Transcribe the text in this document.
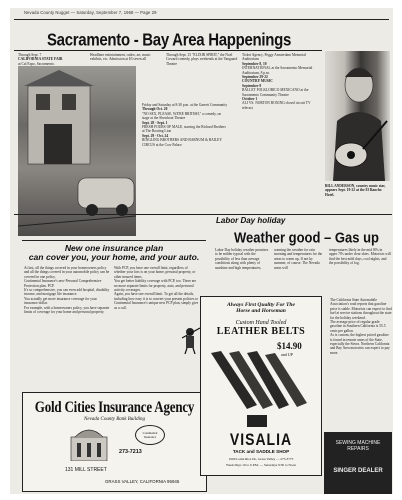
Nevada County Nugget — Saturday, September 7, 1968 — Page 29
Sacramento - Bay Area Happenings
Through Sept. 7
CALIFORNIA STATE FAIR
at Cal Expo, Sacramento.
Headliner entertainment, rodeo, art, music exhibits, etc. Admission at $3 seven all
Through Sept. 15 "ELIXIR SPIRIT," the Noel Coward comedy, plays weekends at the Vanguard Theatre
Friday and Saturday at 8:30 p.m. at the Garrett Community
Through Oct. 20
"NO SEX, PLEASE, WE'RE BRITISH," a comedy, on stage at the Showboat Theatre
Sept. 28 - Sept. 1
FRESH FOURS OF MALE, starring the Richard Brothers at The Roaring Lion
Sept. 29 - Oct. 24
RINGLING BROTHERS AND BARNUM & BAILEY CIRCUS at the Cow Palace
Ticket Agency, Peggy Amsterdam Memorial Auditorium
September 8, 10
INTERNATIONAL at the Sacramento Memorial Auditorium, 8 p.m.
September 29-22
COUNTRY MUSIC
September 9
BALLET FOLKLORICO MEXICANO at the Sacramento Community Theatre
October 1
ALI VS. NORTON BOXING closed circuit TV telecast
BILL ANDERSON, country music star, appears Sept. 19-22 at the El Rancho Hotel.
Labor Day holiday
Weather good – Gas up
Labor Day holiday weather promises to be milder typical with the possibility of less than average conditions along with plenty of sunshine and high temperatures,
warning the weather for rain morning and temperatures for the areas to warm up, If not by summer, of course. The Nevada areas will
temperatures likely in the mid 80's in upper 70's under clear skies. Motorists will find the best mild days, cool nights, and the possibility of fog.
The California State Automobile Association's road reports that gasoline price is stable. Motorists can expect to find fuel at service stations throughout the state for the holiday weekend.
The average price of regular grade gasoline in Southern California is 55.5 cents per gallon.
As is custom, the highest priced gasoline is found in remote areas of the State, especially the Sierra. Northern California and Bay Area motorists can expect to pay more.
New one insurance plan
can cover you, your home, and your auto.
At last, all the things covered in your homeowners policy and all the things covered in your automobile policy can be covered in one policy.
Continental Insurance's new Personal Comprehensive Protection plan. PCP.
It's so comprehensive, you can even add hospital, disability income, and mortgage life insurance.
You actually get more insurance coverage for your insurance dollar.
For example, with a homeowners policy, you have separate limits of coverage for your home and personal property.
With PCP, you have one overall limit, regardless of whether your loss is on your home, personal property, or other insured items.
You get better liability coverage with PCP, too. There are no more separate limits for property, auto, and personal activity coverages.
Again, you have one overall limit. To get all the details, including how easy it is to convert your present policies to Continental Insurance's unique new PCP plan, simply give us a call.
Gold Cities Insurance Agency
Nevada County Bank Building
Continental Insurance
273-7213
131 MILL STREET
GRASS VALLEY, CALIFORNIA 95945
Always First Quality For The
Horse and Horseman
Custom Hand Tooled
LEATHER BELTS
$14.90
and UP
VISALIA
TACK and SADDLE SHOP
1000 Loma Rica Dr., Grass Valley — 273-3775
Week Days 10 to 6 P.M. — Saturdays 9:30 to Noon
SEWING MACHINE
REPAIRS
SINGER DEALER
